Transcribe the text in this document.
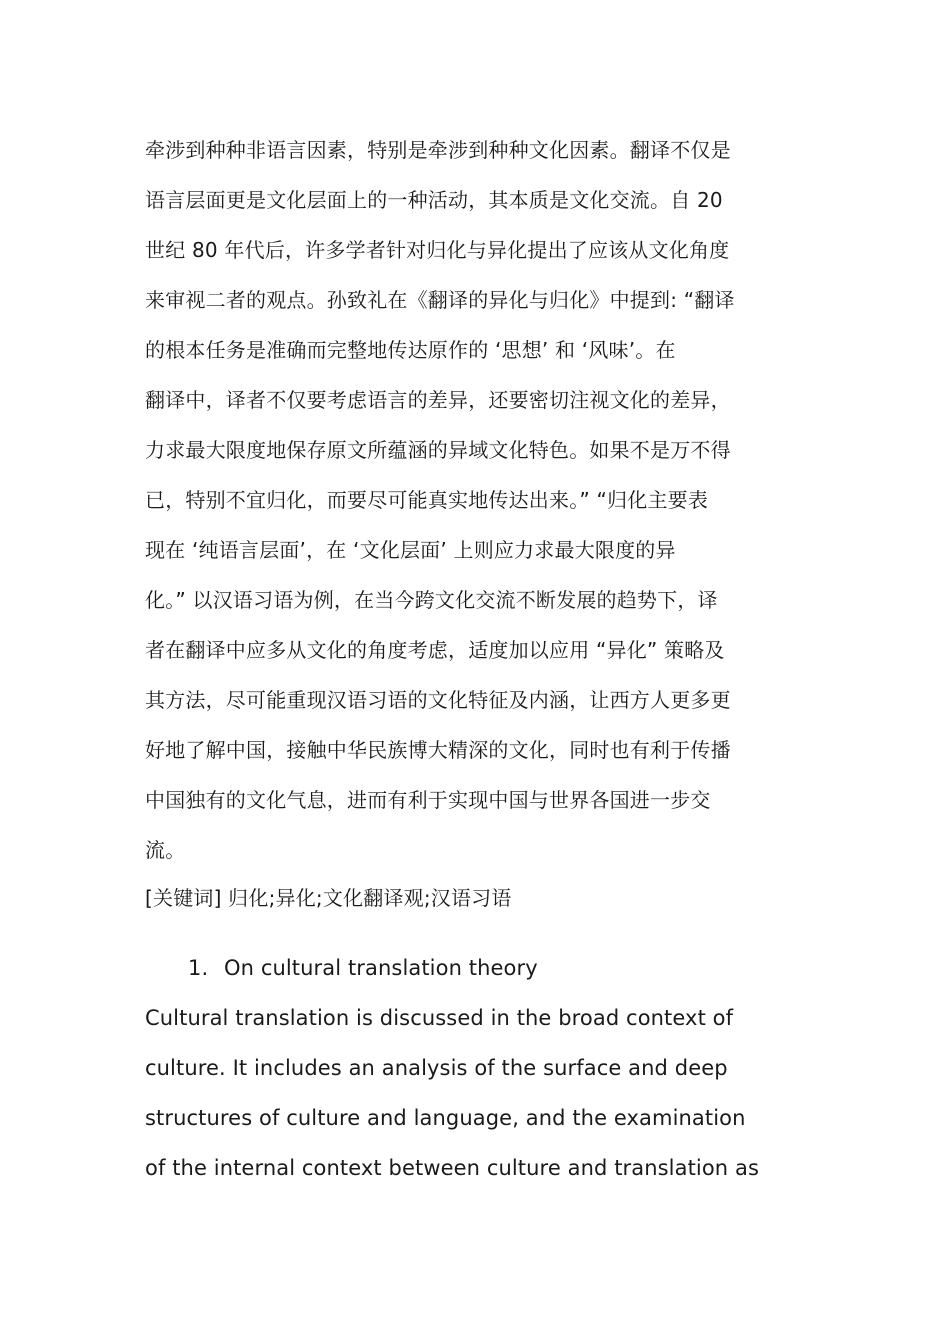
牵涉到种种非语言因素，特别是牵涉到种种文化因素。翻译不仅是
语言层面更是文化层面上的一种活动，其本质是文化交流。自 20
世纪 80 年代后，许多学者针对归化与异化提出了应该从文化角度
来审视二者的观点。孙致礼在《翻译的异化与归化》中提到: “翻译
的根本任务是准确而完整地传达原作的 ‘思想’ 和 ‘风味’。在
翻译中，译者不仅要考虑语言的差异，还要密切注视文化的差异，
力求最大限度地保存原文所蕴涵的异域文化特色。如果不是万不得
已，特别不宜归化，而要尽可能真实地传达出来。” “归化主要表
现在 ‘纯语言层面’，在 ‘文化层面’ 上则应力求最大限度的异
化。” 以汉语习语为例，在当今跨文化交流不断发展的趋势下，译
者在翻译中应多从文化的角度考虑，适度加以应用 “异化” 策略及
其方法，尽可能重现汉语习语的文化特征及内涵，让西方人更多更
好地了解中国，接触中华民族博大精深的文化，同时也有利于传播
中国独有的文化气息，进而有利于实现中国与世界各国进一步交
流。
[关键词] 归化;异化;文化翻译观;汉语习语
1. On cultural translation theory
Cultural translation is discussed in the broad context of
culture. It includes an analysis of the surface and deep
structures of culture and language, and the examination
of the internal context between culture and translation as
